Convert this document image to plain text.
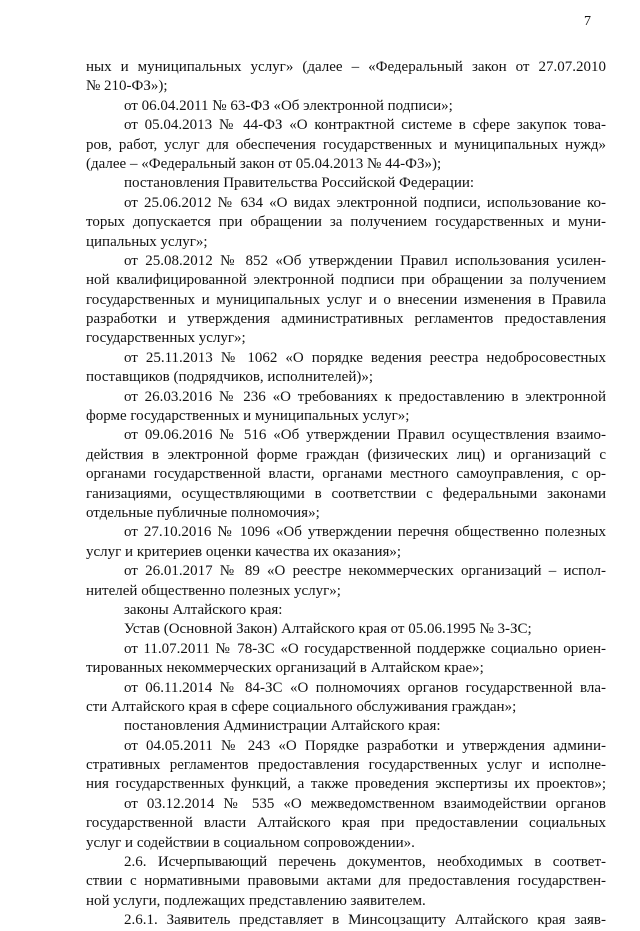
7
ных и муниципальных услуг» (далее – «Федеральный закон от 27.07.2010
№ 210-ФЗ»);
от 06.04.2011 № 63-ФЗ «Об электронной подписи»;
от 05.04.2013 № 44-ФЗ «О контрактной системе в сфере закупок това-
ров, работ, услуг для обеспечения государственных и муниципальных нужд»
(далее – «Федеральный закон от 05.04.2013 № 44-ФЗ»);
постановления Правительства Российской Федерации:
от 25.06.2012 № 634 «О видах электронной подписи, использование ко-
торых допускается при обращении за получением государственных и муни-
ципальных услуг»;
от 25.08.2012 № 852 «Об утверждении Правил использования усилен-
ной квалифицированной электронной подписи при обращении за получением
государственных и муниципальных услуг и о внесении изменения в Правила
разработки и утверждения административных регламентов предоставления
государственных услуг»;
от 25.11.2013 № 1062 «О порядке ведения реестра недобросовестных
поставщиков (подрядчиков, исполнителей)»;
от 26.03.2016 № 236 «О требованиях к предоставлению в электронной
форме государственных и муниципальных услуг»;
от 09.06.2016 № 516 «Об утверждении Правил осуществления взаимо-
действия в электронной форме граждан (физических лиц) и организаций с
органами государственной власти, органами местного самоуправления, с ор-
ганизациями, осуществляющими в соответствии с федеральными законами
отдельные публичные полномочия»;
от 27.10.2016 № 1096 «Об утверждении перечня общественно полезных
услуг и критериев оценки качества их оказания»;
от 26.01.2017 № 89 «О реестре некоммерческих организаций – испол-
нителей общественно полезных услуг»;
законы Алтайского края:
Устав (Основной Закон) Алтайского края от 05.06.1995 № 3-ЗС;
от 11.07.2011 № 78-ЗС «О государственной поддержке социально ориен-
тированных некоммерческих организаций в Алтайском крае»;
от 06.11.2014 № 84-ЗС «О полномочиях органов государственной вла-
сти Алтайского края в сфере социального обслуживания граждан»;
постановления Администрации Алтайского края:
от 04.05.2011 № 243 «О Порядке разработки и утверждения админи-
стративных регламентов предоставления государственных услуг и исполне-
ния государственных функций, а также проведения экспертизы их проектов»;
от 03.12.2014 № 535 «О межведомственном взаимодействии органов
государственной власти Алтайского края при предоставлении социальных
услуг и содействии в социальном сопровождении».
2.6. Исчерпывающий перечень документов, необходимых в соответ-
ствии с нормативными правовыми актами для предоставления государствен-
ной услуги, подлежащих представлению заявителем.
2.6.1. Заявитель представляет в Минсоцзащиту Алтайского края заяв-
